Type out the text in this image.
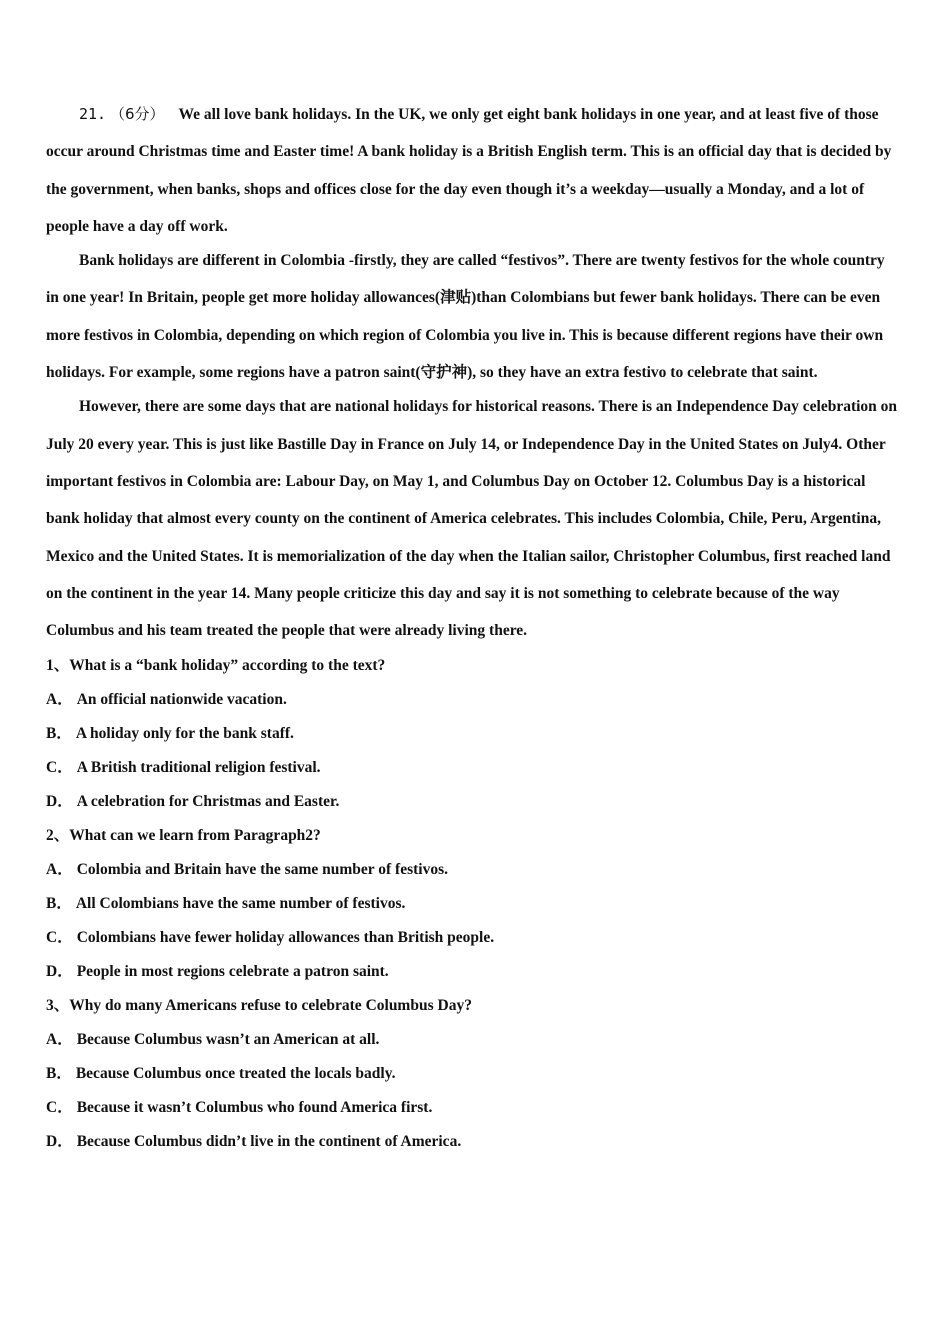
21. （6分） We all love bank holidays. In the UK, we only get eight bank holidays in one year, and at least five of those occur around Christmas time and Easter time! A bank holiday is a British English term. This is an official day that is decided by the government, when banks, shops and offices close for the day even though it’s a weekday—usually a Monday, and a lot of people have a day off work.

Bank holidays are different in Colombia -firstly, they are called “festivos”. There are twenty festivos for the whole country in one year! In Britain, people get more holiday allowances(津贴)than Colombians but fewer bank holidays. There can be even more festivos in Colombia, depending on which region of Colombia you live in. This is because different regions have their own holidays. For example, some regions have a patron saint(守护神), so they have an extra festivo to celebrate that saint.

However, there are some days that are national holidays for historical reasons. There is an Independence Day celebration on July 20 every year. This is just like Bastille Day in France on July 14, or Independence Day in the United States on July4. Other important festivos in Colombia are: Labour Day, on May 1, and Columbus Day on October 12. Columbus Day is a historical bank holiday that almost every county on the continent of America celebrates. This includes Colombia, Chile, Peru, Argentina, Mexico and the United States. It is memorialization of the day when the Italian sailor, Christopher Columbus, first reached land on the continent in the year 14. Many people criticize this day and say it is not something to celebrate because of the way Columbus and his team treated the people that were already living there.

1、What is a “bank holiday” according to the text?

A． An official nationwide vacation.

B． A holiday only for the bank staff.

C． A British traditional religion festival.

D． A celebration for Christmas and Easter.

2、What can we learn from Paragraph2?

A． Colombia and Britain have the same number of festivos.

B． All Colombians have the same number of festivos.

C． Colombians have fewer holiday allowances than British people.

D． People in most regions celebrate a patron saint.

3、Why do many Americans refuse to celebrate Columbus Day?

A． Because Columbus wasn’t an American at all.

B． Because Columbus once treated the locals badly.

C． Because it wasn’t Columbus who found America first.

D． Because Columbus didn’t live in the continent of America.
